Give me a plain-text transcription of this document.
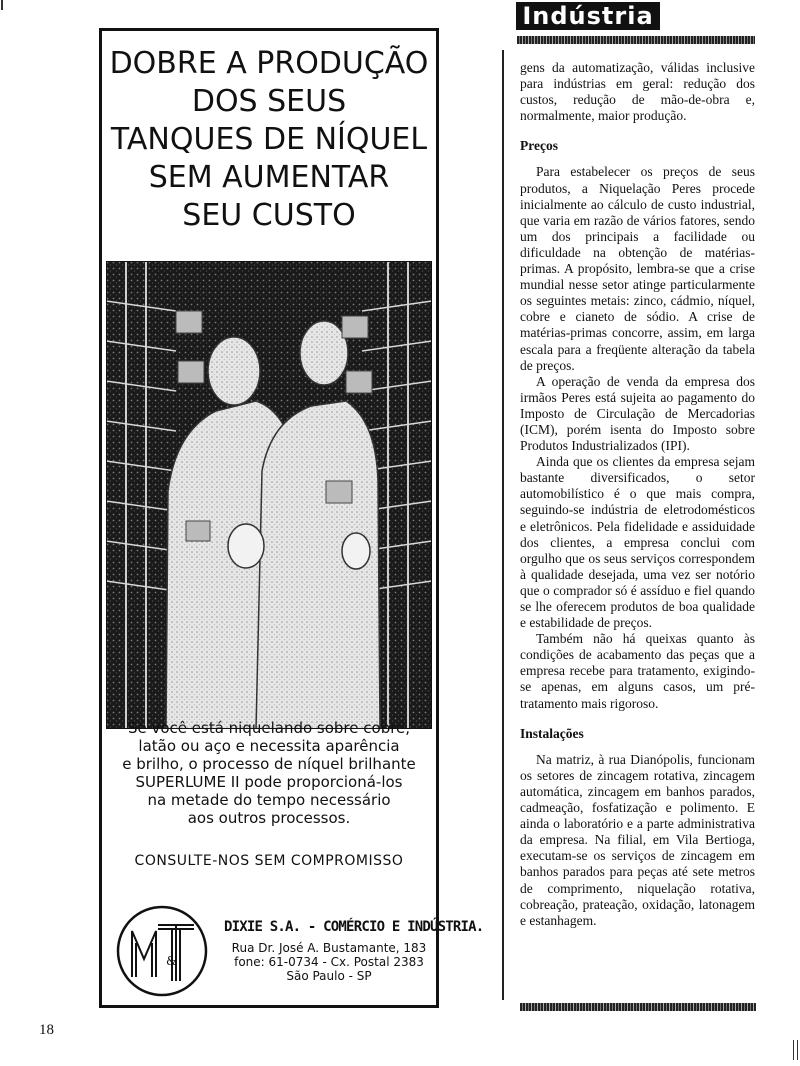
Indústria
DOBRE A PRODUÇÃO
DOS SEUS
TANQUES DE NÍQUEL
SEM AUMENTAR
SEU CUSTO
Se você está niquelando sobre cobre,
latão ou aço e necessita aparência
e brilho, o processo de níquel brilhante
SUPERLUME II pode proporcioná-los
na metade do tempo necessário
aos outros processos.
CONSULTE-NOS SEM COMPROMISSO
&
DIXIE S.A. - COMÉRCIO E INDÚSTRIA.
Rua Dr. José A. Bustamante, 183
fone: 61-0734 - Cx. Postal 2383
São Paulo - SP

gens da automatização, válidas inclusive para indústrias em geral: redução dos custos, redução de mão-de-obra e, normalmente, maior produção.

Preços

Para estabelecer os preços de seus produtos, a Niquelação Peres procede inicialmente ao cálculo de custo industrial, que varia em razão de vários fatores, sendo um dos principais a facilidade ou dificuldade na obtenção de matérias-primas. A propósito, lembra-se que a crise mundial nesse setor atinge particularmente os seguintes metais: zinco, cádmio, níquel, cobre e cianeto de sódio. A crise de matérias-primas concorre, assim, em larga escala para a freqüente alteração da tabela de preços.

A operação de venda da empresa dos irmãos Peres está sujeita ao pagamento do Imposto de Circulação de Mercadorias (ICM), porém isenta do Imposto sobre Produtos Industrializados (IPI).

Ainda que os clientes da empresa sejam bastante diversificados, o setor automobilístico é o que mais compra, seguindo-se indústria de eletrodomésticos e eletrônicos. Pela fidelidade e assiduidade dos clientes, a empresa conclui com orgulho que os seus serviços correspondem à qualidade desejada, uma vez ser notório que o comprador só é assíduo e fiel quando se lhe oferecem produtos de boa qualidade e estabilidade de preços.

Também não há queixas quanto às condições de acabamento das peças que a empresa recebe para tratamento, exigindo-se apenas, em alguns casos, um pré-tratamento mais rigoroso.

Instalações

Na matriz, à rua Dianópolis, funcionam os setores de zincagem rotativa, zincagem automática, zincagem em banhos parados, cadmeação, fosfatização e polimento. E ainda o laboratório e a parte administrativa da empresa. Na filial, em Vila Bertioga, executam-se os serviços de zincagem em banhos parados para peças até sete metros de comprimento, niquelação rotativa, cobreação, prateação, oxidação, latonagem e estanhagem.

18
